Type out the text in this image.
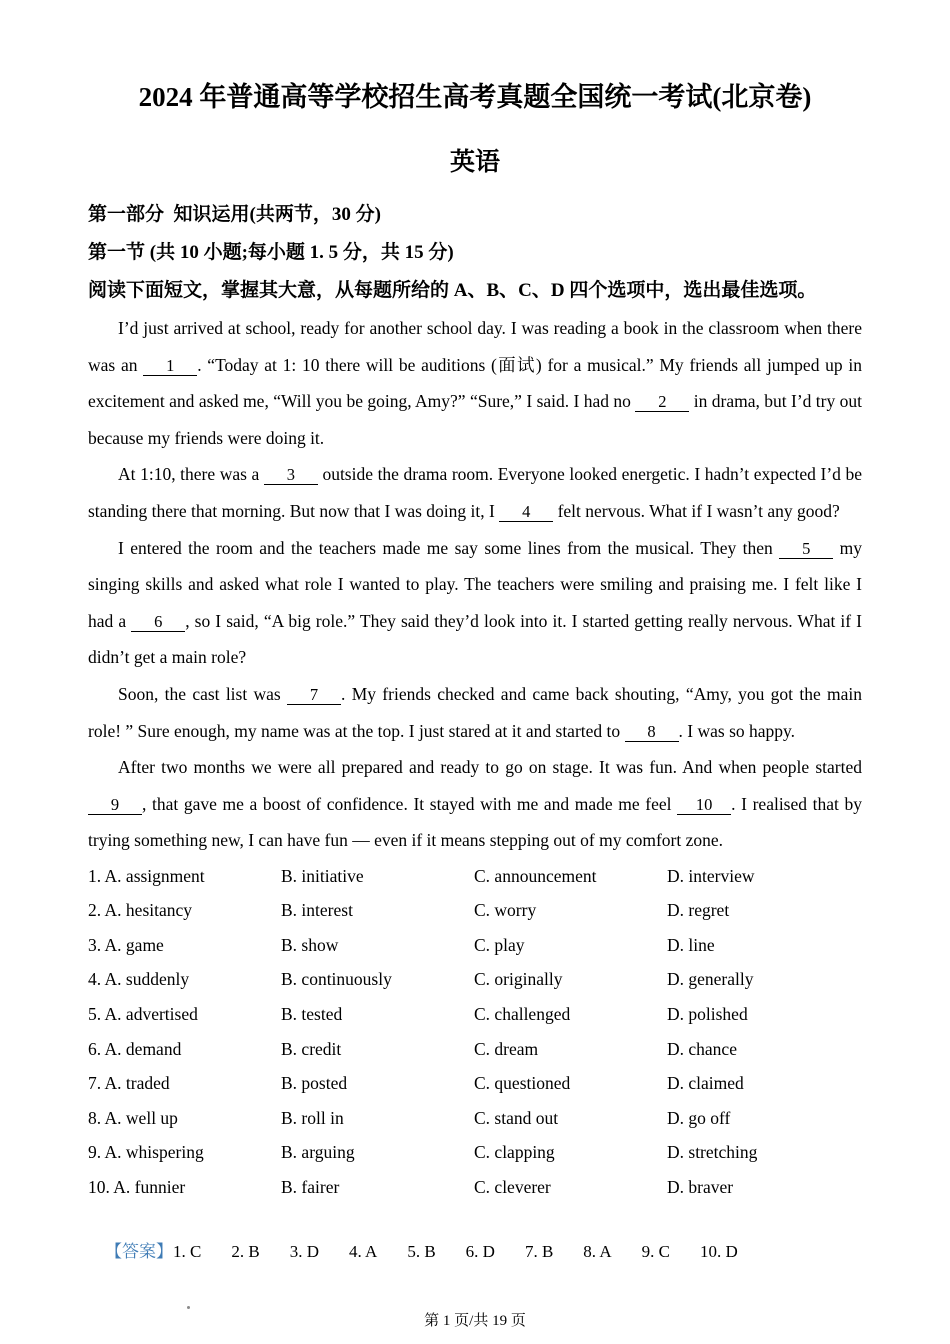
2024 年普通高等学校招生高考真题全国统一考试(北京卷)
英语
第一部分  知识运用(共两节，30 分)
第一节 (共 10 小题;每小题 1. 5 分，共 15 分)
阅读下面短文，掌握其大意，从每题所给的 A、B、C、D 四个选项中，选出最佳选项。

I’d just arrived at school, ready for another school day. I was reading a book in the classroom when there was an 1 . “Today at 1: 10 there will be auditions (面试) for a musical.” My friends all jumped up in excitement and asked me, “Will you be going, Amy?” “Sure,” I said. I had no 2 in drama, but I’d try out because my friends were doing it.

At 1:10, there was a 3 outside the drama room. Everyone looked energetic. I hadn’t expected I’d be standing there that morning. But now that I was doing it, I 4 felt nervous. What if I wasn’t any good?

I entered the room and the teachers made me say some lines from the musical. They then 5 my singing skills and asked what role I wanted to play. The teachers were smiling and praising me. I felt like I had a 6 , so I said, “A big role.” They said they’d look into it. I started getting really nervous. What if I didn’t get a main role?

Soon, the cast list was 7 . My friends checked and came back shouting, “Amy, you got the main role! ” Sure enough, my name was at the top. I just stared at it and started to 8 . I was so happy.

After two months we were all prepared and ready to go on stage. It was fun. And when people started 9 , that gave me a boost of confidence. It stayed with me and made me feel 10 . I realised that by trying something new, I can have fun — even if it means stepping out of my comfort zone.

1. A. assignment	B. initiative	C. announcement	D. interview
2. A. hesitancy	B. interest	C. worry	D. regret
3. A. game	B. show	C. play	D. line
4. A. suddenly	B. continuously	C. originally	D. generally
5. A. advertised	B. tested	C. challenged	D. polished
6. A. demand	B. credit	C. dream	D. chance
7. A. traded	B. posted	C. questioned	D. claimed
8. A. well up	B. roll in	C. stand out	D. go off
9. A. whispering	B. arguing	C. clapping	D. stretching
10. A. funnier	B. fairer	C. cleverer	D. braver

【答案】1. C 2. B 3. D 4. A 5. B 6. D 7. B 8. A 9. C 10. D

第 1 页/共 19 页
